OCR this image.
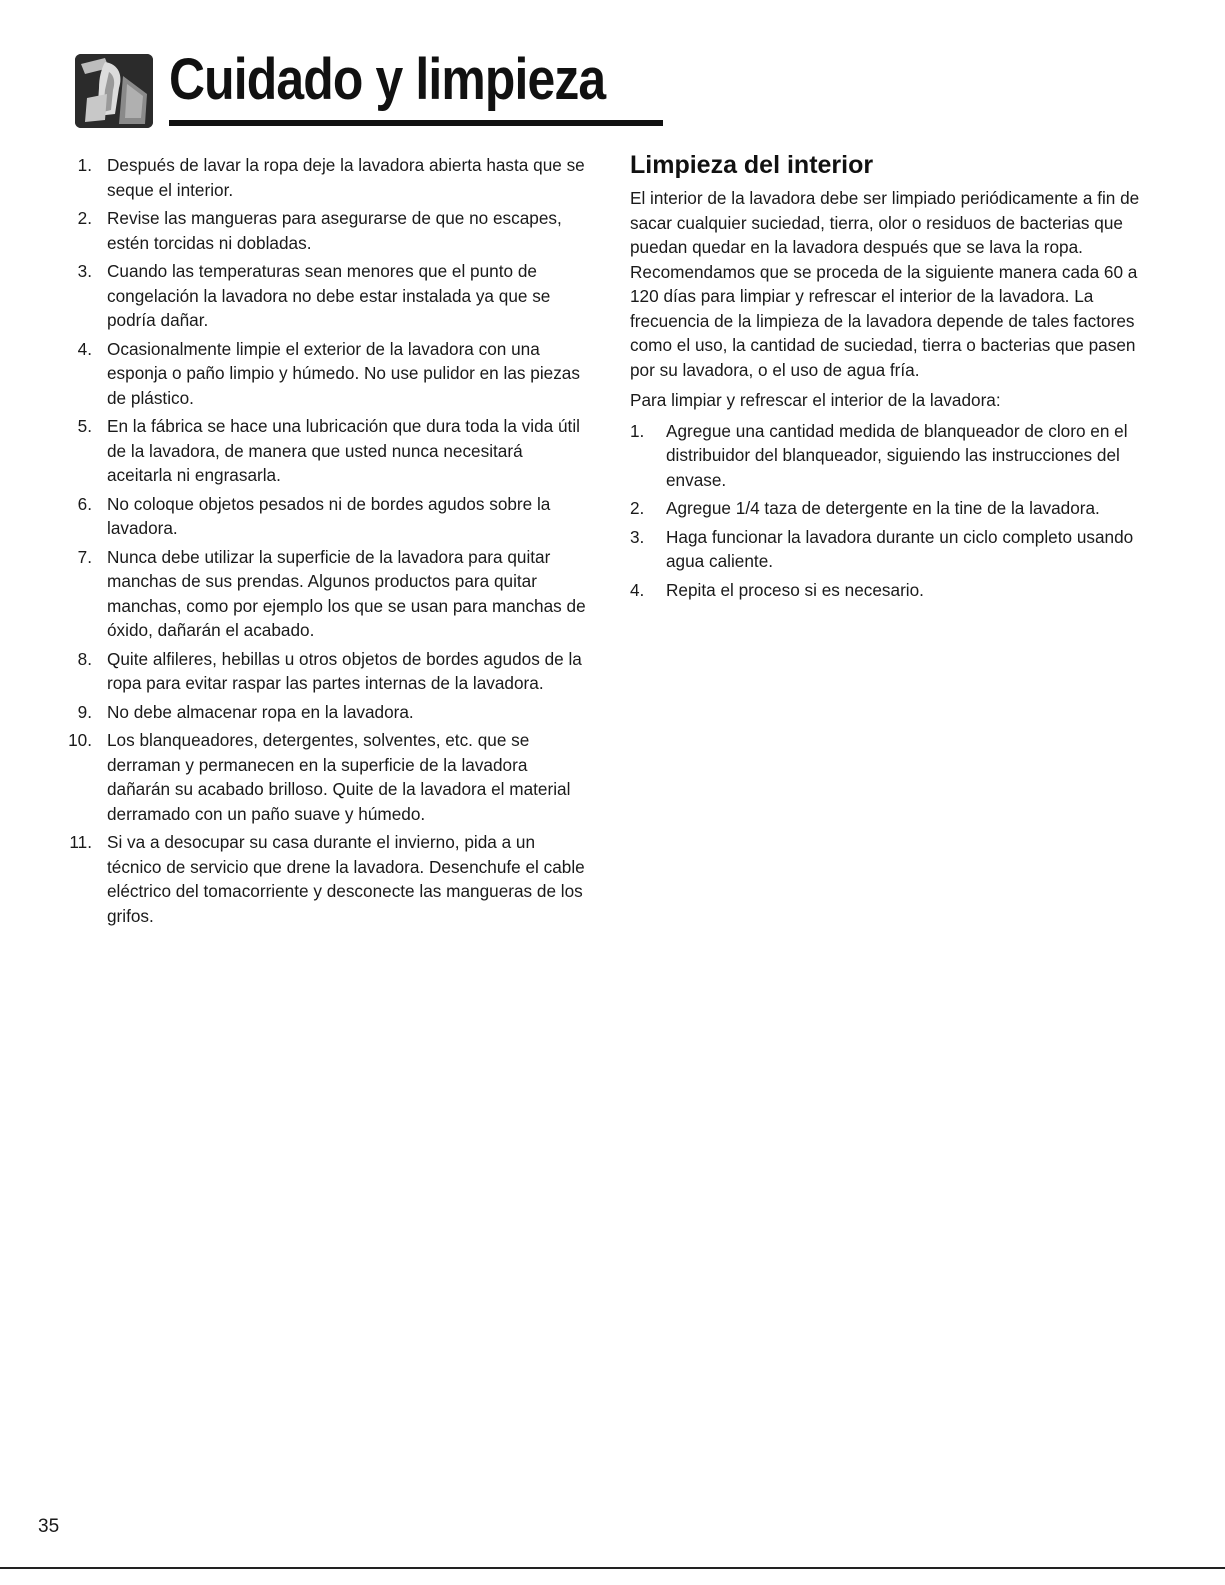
Cuidado y limpieza
1. Después de lavar la ropa deje la lavadora abierta hasta que se seque el interior.
2. Revise las mangueras para asegurarse de que no escapes, estén torcidas ni dobladas.
3. Cuando las temperaturas sean menores que el punto de congelación la lavadora no debe estar instalada ya que se podría dañar.
4. Ocasionalmente limpie el exterior de la lavadora con una esponja o paño limpio y húmedo. No use pulidor en las piezas de plástico.
5. En la fábrica se hace una lubricación que dura toda la vida útil de la lavadora, de manera que usted nunca necesitará aceitarla ni engrasarla.
6. No coloque objetos pesados ni de bordes agudos sobre la lavadora.
7. Nunca debe utilizar la superficie de la lavadora para quitar manchas de sus prendas. Algunos productos para quitar manchas, como por ejemplo los que se usan para manchas de óxido, dañarán el acabado.
8. Quite alfileres, hebillas u otros objetos de bordes agudos de la ropa para evitar raspar las partes internas de la lavadora.
9. No debe almacenar ropa en la lavadora.
10. Los blanqueadores, detergentes, solventes, etc. que se derraman y permanecen en la superficie de la lavadora dañarán su acabado brilloso. Quite de la lavadora el material derramado con un paño suave y húmedo.
11. Si va a desocupar su casa durante el invierno, pida a un técnico de servicio que drene la lavadora. Desenchufe el cable eléctrico del tomacorriente y desconecte las mangueras de los grifos.
Limpieza del interior

El interior de la lavadora debe ser limpiado periódicamente a fin de sacar cualquier suciedad, tierra, olor o residuos de bacterias que puedan quedar en la lavadora después que se lava la ropa. Recomendamos que se proceda de la siguiente manera cada 60 a 120 días para limpiar y refrescar el interior de la lavadora. La frecuencia de la limpieza de la lavadora depende de tales factores como el uso, la cantidad de suciedad, tierra o bacterias que pasen por su lavadora, o el uso de agua fría.

Para limpiar y refrescar el interior de la lavadora:

1. Agregue una cantidad medida de blanqueador de cloro en el distribuidor del blanqueador, siguiendo las instrucciones del envase.
2. Agregue 1/4 taza de detergente en la tine de la lavadora.
3. Haga funcionar la lavadora durante un ciclo completo usando agua caliente.
4. Repita el proceso si es necesario.
35
